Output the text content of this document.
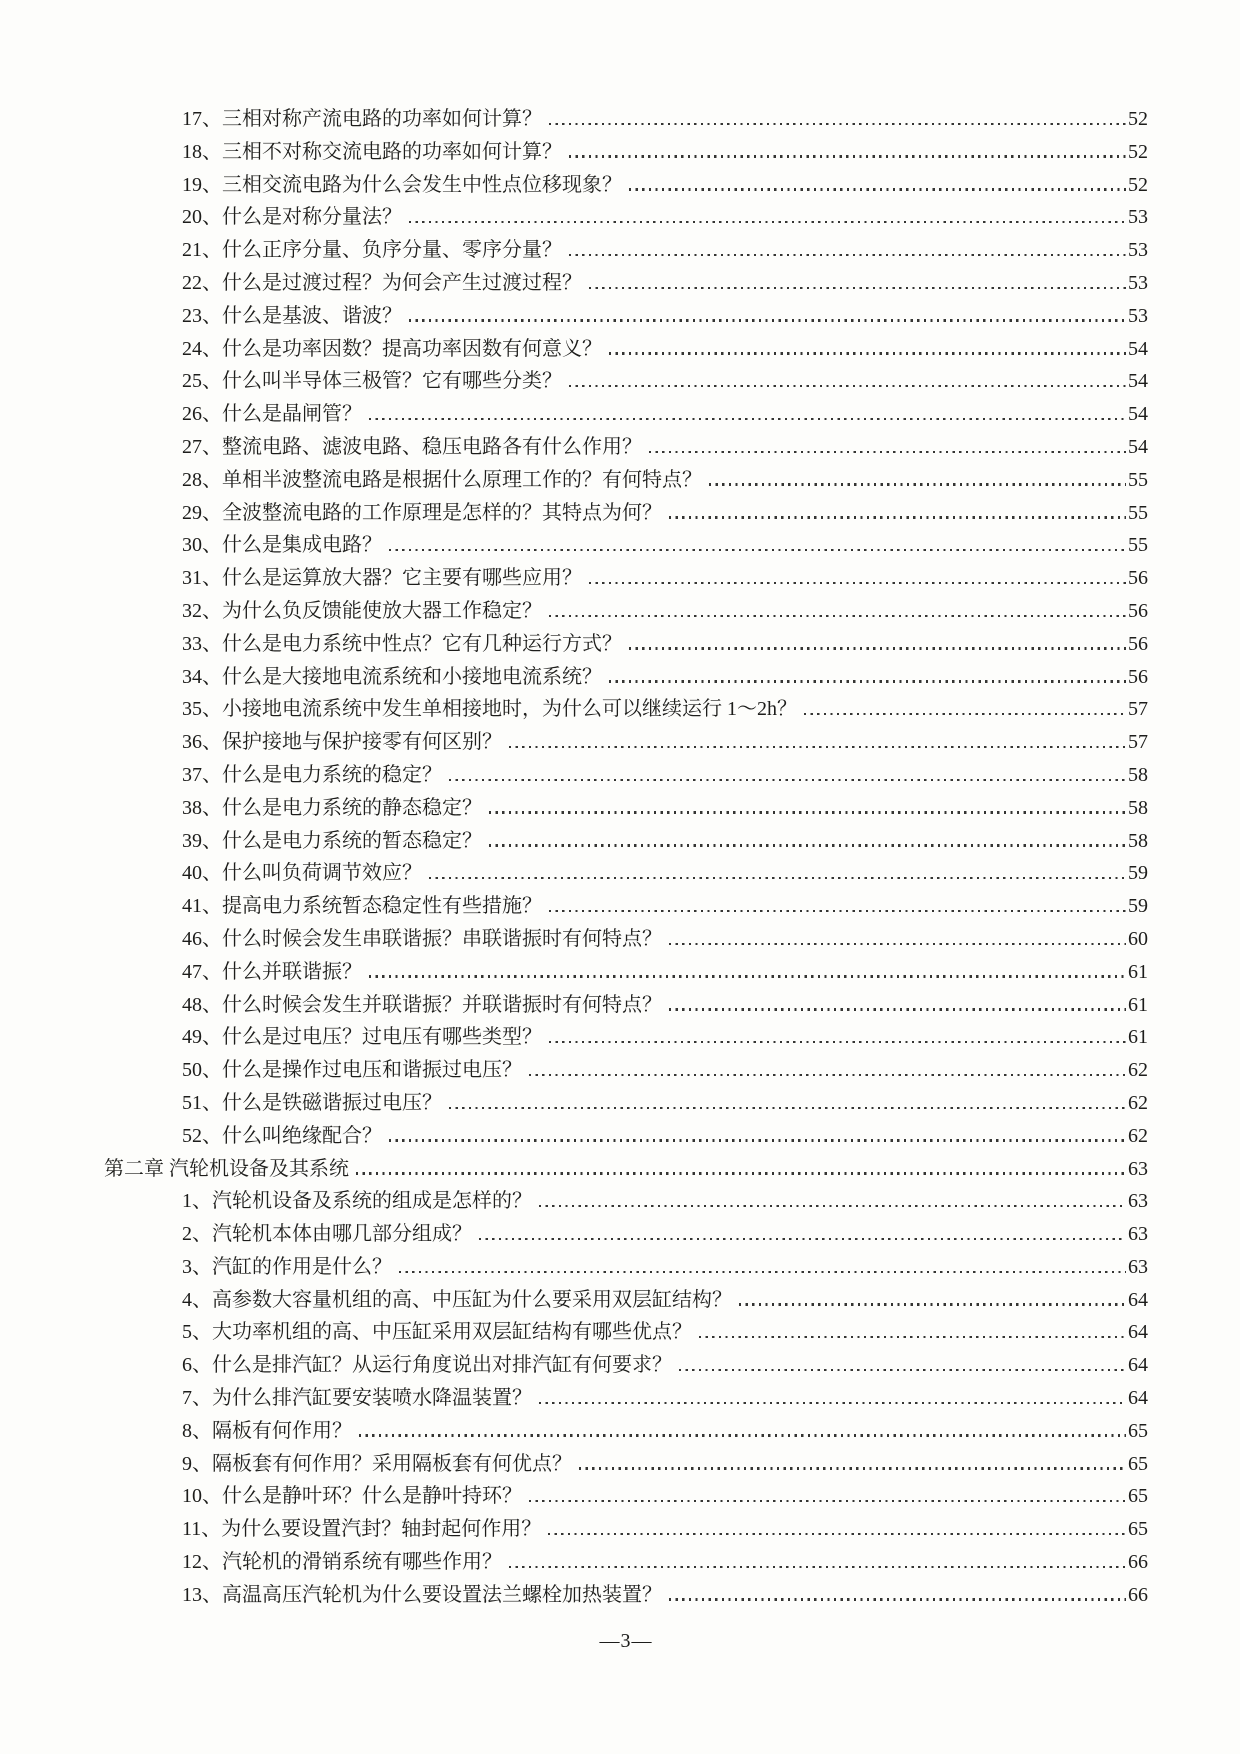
17、三相对称产流电路的功率如何计算？	52
18、三相不对称交流电路的功率如何计算？	52
19、三相交流电路为什么会发生中性点位移现象？	52
20、什么是对称分量法？	53
21、什么正序分量、负序分量、零序分量？	53
22、什么是过渡过程？为何会产生过渡过程？	53
23、什么是基波、谐波？	53
24、什么是功率因数？提高功率因数有何意义？	54
25、什么叫半导体三极管？它有哪些分类？	54
26、什么是晶闸管？	54
27、整流电路、滤波电路、稳压电路各有什么作用？	54
28、单相半波整流电路是根据什么原理工作的？有何特点？	55
29、全波整流电路的工作原理是怎样的？其特点为何？	55
30、什么是集成电路？	55
31、什么是运算放大器？它主要有哪些应用？	56
32、为什么负反馈能使放大器工作稳定？	56
33、什么是电力系统中性点？它有几种运行方式？	56
34、什么是大接地电流系统和小接地电流系统？	56
35、小接地电流系统中发生单相接地时，为什么可以继续运行 1～2h？	57
36、保护接地与保护接零有何区别？	57
37、什么是电力系统的稳定？	58
38、什么是电力系统的静态稳定？	58
39、什么是电力系统的暂态稳定？	58
40、什么叫负荷调节效应？	59
41、提高电力系统暂态稳定性有些措施？	59
46、什么时候会发生串联谐振？串联谐振时有何特点？	60
47、什么并联谐振？	61
48、什么时候会发生并联谐振？并联谐振时有何特点？	61
49、什么是过电压？过电压有哪些类型？	61
50、什么是操作过电压和谐振过电压？	62
51、什么是铁磁谐振过电压？	62
52、什么叫绝缘配合？	62
第二章 汽轮机设备及其系统	63
1、汽轮机设备及系统的组成是怎样的？	63
2、汽轮机本体由哪几部分组成？	63
3、汽缸的作用是什么？	63
4、高参数大容量机组的高、中压缸为什么要采用双层缸结构？	64
5、大功率机组的高、中压缸采用双层缸结构有哪些优点？	64
6、什么是排汽缸？从运行角度说出对排汽缸有何要求？	64
7、为什么排汽缸要安装喷水降温装置？	64
8、隔板有何作用？	65
9、隔板套有何作用？采用隔板套有何优点？	65
10、什么是静叶环？什么是静叶持环？	65
11、为什么要设置汽封？轴封起何作用？	65
12、汽轮机的滑销系统有哪些作用？	66
13、高温高压汽轮机为什么要设置法兰螺栓加热装置？	66
—3—
